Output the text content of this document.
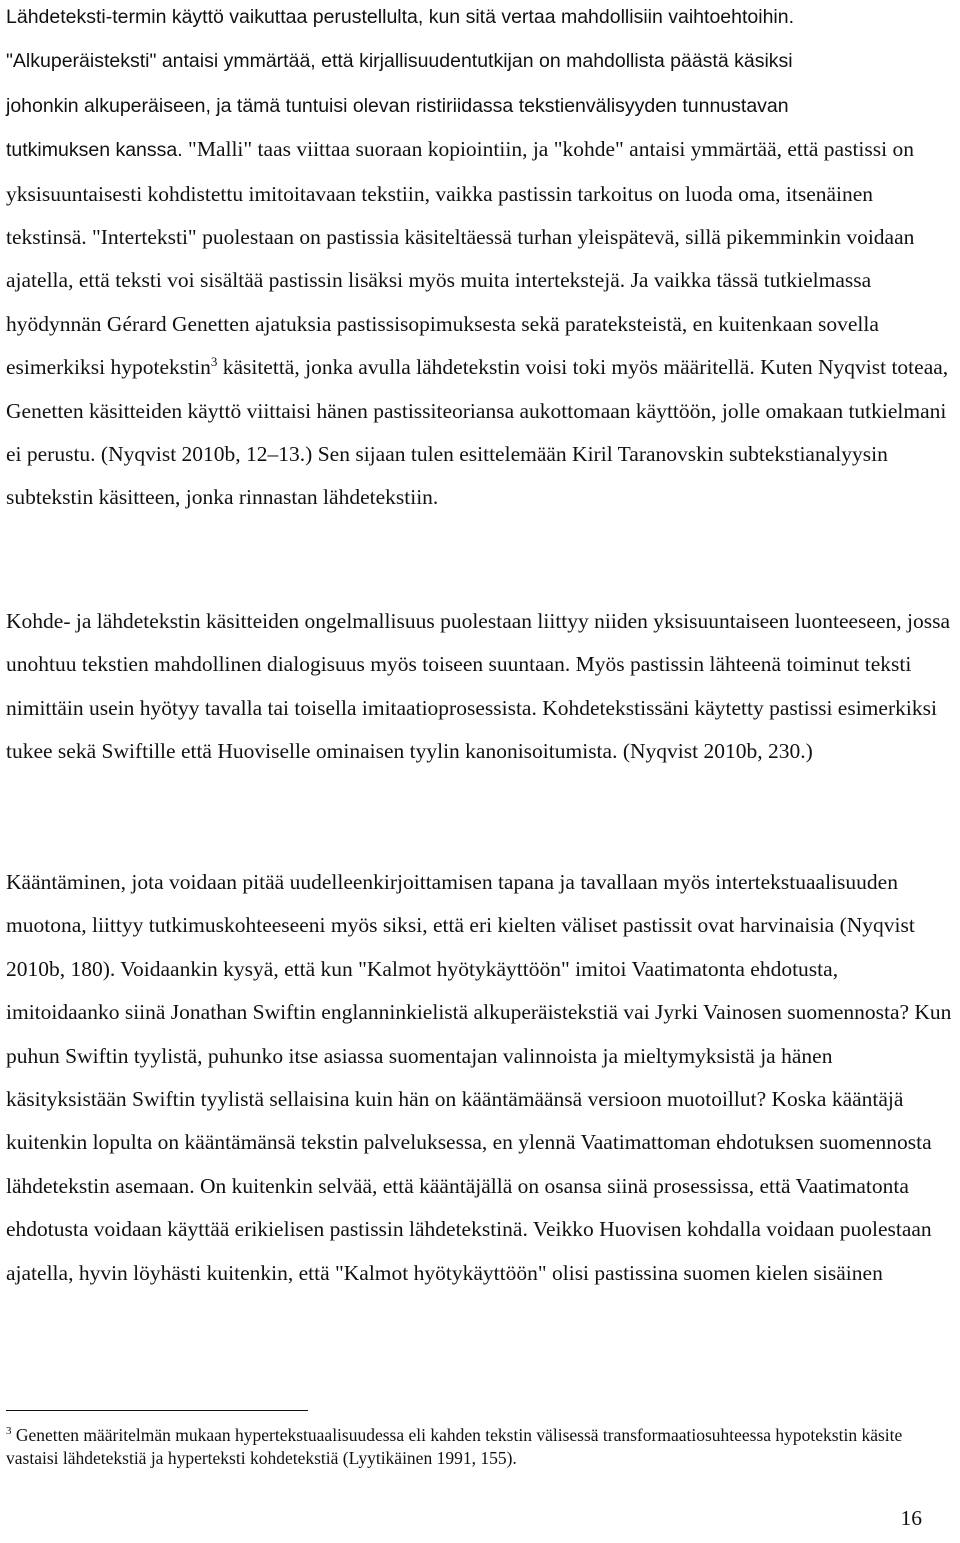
Lähdeteksti-termin käyttö vaikuttaa perustellulta, kun sitä vertaa mahdollisiin vaihtoehtoihin.
"Alkuperäisteksti" antaisi ymmärtää, että kirjallisuudentutkijan on mahdollista päästä käsiksi
johonkin alkuperäiseen, ja tämä tuntuisi olevan ristiriidassa tekstienvälisyyden tunnustavan
tutkimuksen kanssa. "Malli" taas viittaa suoraan kopiointiin, ja "kohde" antaisi ymmärtää, että pastissi on yksisuuntaisesti kohdistettu imitoitavaan tekstiin, vaikka pastissin tarkoitus on luoda oma, itsenäinen tekstinsä. "Interteksti" puolestaan on pastissia käsiteltäessä turhan yleispätevä, sillä pikemminkin voidaan ajatella, että teksti voi sisältää pastissin lisäksi myös muita intertekstejä. Ja vaikka tässä tutkielmassa hyödynnän Gérard Genetten ajatuksia pastissisopimuksesta sekä parateksteistä, en kuitenkaan sovella esimerkiksi hypotekstin$^3$ käsitettä, jonka avulla lähdetekstin voisi toki myös määritellä. Kuten Nyqvist toteaa, Genetten käsitteiden käyttö viittaisi hänen pastissiteoriansa aukottomaan käyttöön, jolle omakaan tutkielmani ei perustu. (Nyqvist 2010b, 12‒13.) Sen sijaan tulen esittelemään Kiril Taranovskin subtekstianalyysin subtekstin käsitteen, jonka rinnastan lähdetekstiin.

Kohde- ja lähdetekstin käsitteiden ongelmallisuus puolestaan liittyy niiden yksisuuntaiseen luonteeseen, jossa unohtuu tekstien mahdollinen dialogisuus myös toiseen suuntaan. Myös pastissin lähteenä toiminut teksti nimittäin usein hyötyy tavalla tai toisella imitaatioprosessista. Kohdetekstissäni käytetty pastissi esimerkiksi tukee sekä Swiftille että Huoviselle ominaisen tyylin kanonisoitumista. (Nyqvist 2010b, 230.)

Kääntäminen, jota voidaan pitää uudelleenkirjoittamisen tapana ja tavallaan myös intertekstuaalisuuden muotona, liittyy tutkimuskohteeseeni myös siksi, että eri kielten väliset pastissit ovat harvinaisia (Nyqvist 2010b, 180). Voidaankin kysyä, että kun "Kalmot hyötykäyttöön" imitoi Vaatimatonta ehdotusta, imitoidaanko siinä Jonathan Swiftin englanninkielistä alkuperäistekstiä vai Jyrki Vainosen suomennosta? Kun puhun Swiftin tyylistä, puhunko itse asiassa suomentajan valinnoista ja mieltymyksistä ja hänen käsityksistään Swiftin tyylistä sellaisina kuin hän on kääntämäänsä versioon muotoillut? Koska kääntäjä kuitenkin lopulta on kääntämänsä tekstin palveluksessa, en ylennä Vaatimattoman ehdotuksen suomennosta lähdetekstin asemaan. On kuitenkin selvää, että kääntäjällä on osansa siinä prosessissa, että Vaatimatonta ehdotusta voidaan käyttää erikielisen pastissin lähdetekstinä. Veikko Huovisen kohdalla voidaan puolestaan ajatella, hyvin löyhästi kuitenkin, että "Kalmot hyötykäyttöön" olisi pastissina suomen kielen sisäinen

$^3$ Genetten määritelmän mukaan hypertekstuaalisuudessa eli kahden tekstin välisessä transformaatiosuhteessa hypotekstin käsite vastaisi lähdetekstiä ja hyperteksti kohdetekstiä (Lyytikäinen 1991, 155).

16
